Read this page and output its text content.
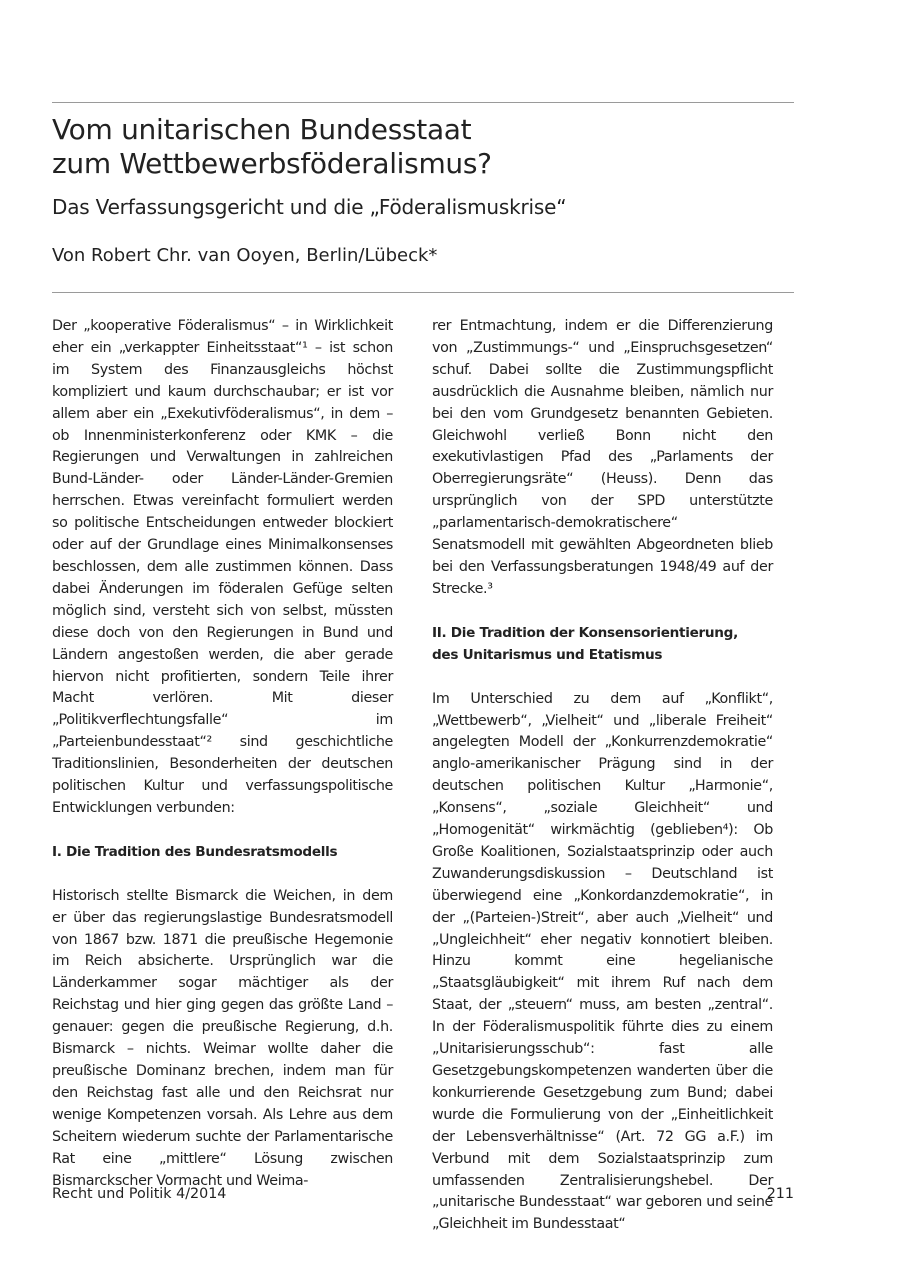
Vom unitarischen Bundesstaat
zum Wettbewerbsföderalismus?
Das Verfassungsgericht und die „Föderalismuskrise“
Von Robert Chr. van Ooyen, Berlin/Lübeck*

Der „kooperative Föderalismus“ – in Wirklichkeit eher ein „verkappter Einheitsstaat“¹ – ist schon im System des Finanzausgleichs höchst kompliziert und kaum durchschaubar; er ist vor allem aber ein „Exekutivföderalismus“, in dem – ob Innenministerkonferenz oder KMK – die Regierungen und Verwaltungen in zahlreichen Bund-Länder- oder Länder-Länder-Gremien herrschen. Etwas vereinfacht formuliert werden so politische Entscheidungen entweder blockiert oder auf der Grundlage eines Minimalkonsenses beschlossen, dem alle zustimmen können. Dass dabei Änderungen im föderalen Gefüge selten möglich sind, versteht sich von selbst, müssten diese doch von den Regierungen in Bund und Ländern angestoßen werden, die aber gerade hiervon nicht profitierten, sondern Teile ihrer Macht verlören. Mit dieser „Politikverflechtungsfalle“ im „Parteienbundesstaat“² sind geschichtliche Traditionslinien, Besonderheiten der deutschen politischen Kultur und verfassungspolitische Entwicklungen verbunden:

I. Die Tradition des Bundesratsmodells

Historisch stellte Bismarck die Weichen, in dem er über das regierungslastige Bundesratsmodell von 1867 bzw. 1871 die preußische Hegemonie im Reich absicherte. Ursprünglich war die Länderkammer sogar mächtiger als der Reichstag und hier ging gegen das größte Land – genauer: gegen die preußische Regierung, d.h. Bismarck – nichts. Weimar wollte daher die preußische Dominanz brechen, indem man für den Reichstag fast alle und den Reichsrat nur wenige Kompetenzen vorsah. Als Lehre aus dem Scheitern wiederum suchte der Parlamentarische Rat eine „mittlere“ Lösung zwischen Bismarckscher Vormacht und Weima-

rer Entmachtung, indem er die Differenzierung von „Zustimmungs-“ und „Einspruchsgesetzen“ schuf. Dabei sollte die Zustimmungspflicht ausdrücklich die Ausnahme bleiben, nämlich nur bei den vom Grundgesetz benannten Gebieten. Gleichwohl verließ Bonn nicht den exekutivlastigen Pfad des „Parlaments der Oberregierungsräte“ (Heuss). Denn das ursprünglich von der SPD unterstützte „parlamentarisch-demokratischere“ Senatsmodell mit gewählten Abgeordneten blieb bei den Verfassungsberatungen 1948/49 auf der Strecke.³

II. Die Tradition der Konsensorientierung,
des Unitarismus und Etatismus

Im Unterschied zu dem auf „Konflikt“, „Wettbewerb“, „Vielheit“ und „liberale Freiheit“ angelegten Modell der „Konkurrenzdemokratie“ anglo-amerikanischer Prägung sind in der deutschen politischen Kultur „Harmonie“, „Konsens“, „soziale Gleichheit“ und „Homogenität“ wirkmächtig (geblieben⁴): Ob Große Koalitionen, Sozialstaatsprinzip oder auch Zuwanderungsdiskussion – Deutschland ist überwiegend eine „Konkordanzdemokratie“, in der „(Parteien-)Streit“, aber auch „Vielheit“ und „Ungleichheit“ eher negativ konnotiert bleiben. Hinzu kommt eine hegelianische „Staatsgläubigkeit“ mit ihrem Ruf nach dem Staat, der „steuern“ muss, am besten „zentral“. In der Föderalismuspolitik führte dies zu einem „Unitarisierungsschub“: fast alle Gesetzgebungskompetenzen wanderten über die konkurrierende Gesetzgebung zum Bund; dabei wurde die Formulierung von der „Einheitlichkeit der Lebensverhältnisse“ (Art. 72 GG a.F.) im Verbund mit dem Sozialstaatsprinzip zum umfassenden Zentralisierungshebel. Der „unitarische Bundesstaat“ war geboren und seine „Gleichheit im Bundesstaat“

Recht und Politik 4/2014	211
